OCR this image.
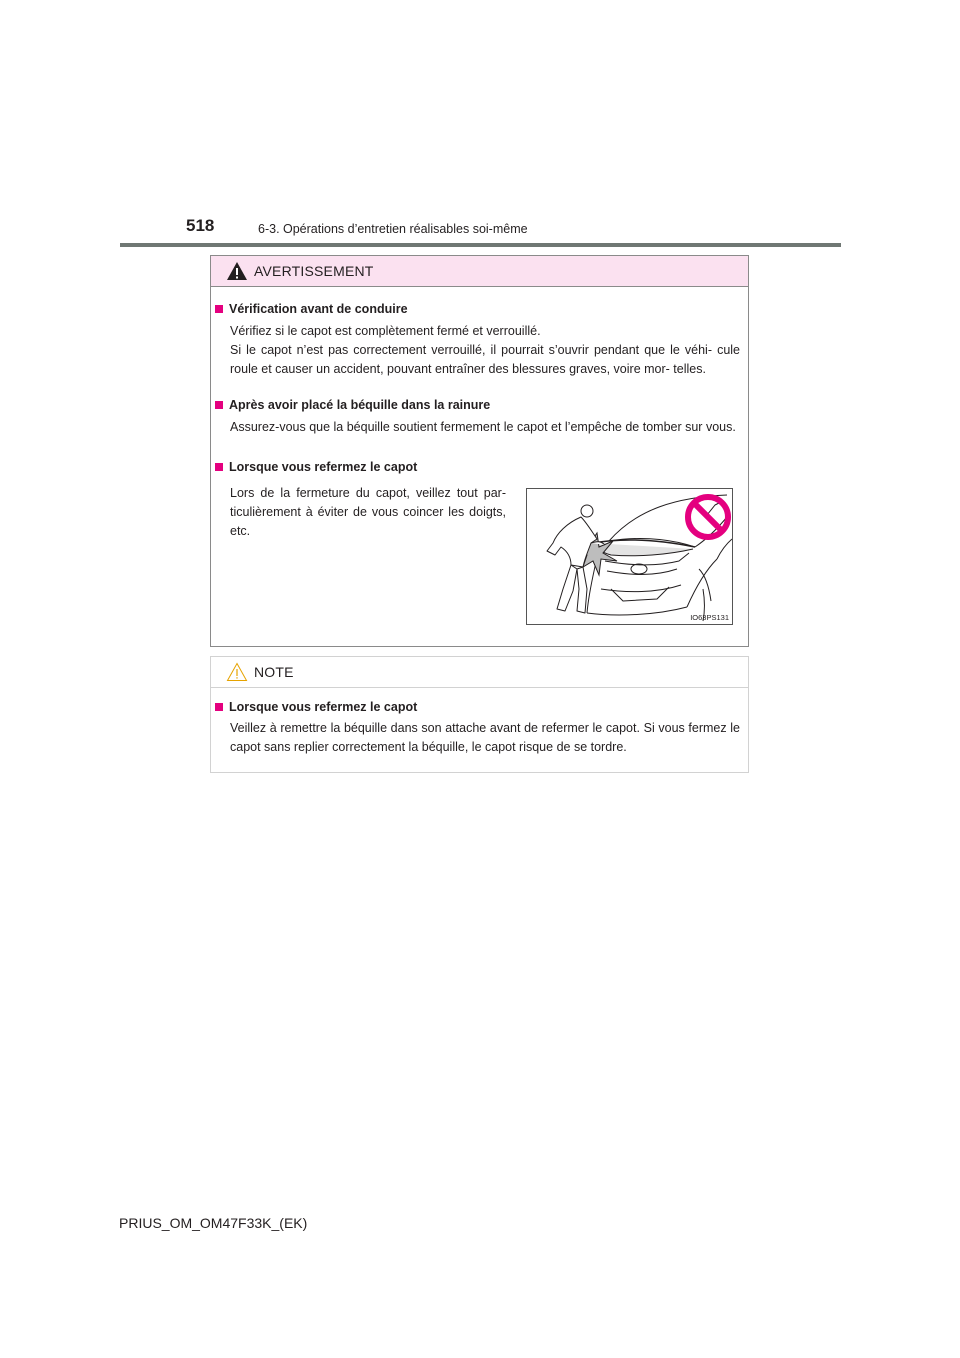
518	6-3. Opérations d’entretien réalisables soi-même
AVERTISSEMENT
Vérification avant de conduire
Vérifiez si le capot est complètement fermé et verrouillé.
Si le capot n’est pas correctement verrouillé, il pourrait s’ouvrir pendant que le véhi- cule roule et causer un accident, pouvant entraîner des blessures graves, voire mor- telles.
Après avoir placé la béquille dans la rainure
Assurez-vous que la béquille soutient fermement le capot et l’empêche de tomber sur vous.
Lorsque vous refermez le capot
Lors de la fermeture du capot, veillez tout par- ticulièrement à éviter de vous coincer les doigts, etc.
IO63PS131
NOTE
Lorsque vous refermez le capot
Veillez à remettre la béquille dans son attache avant de refermer le capot. Si vous fermez le capot sans replier correctement la béquille, le capot risque de se tordre.
PRIUS_OM_OM47F33K_(EK)
